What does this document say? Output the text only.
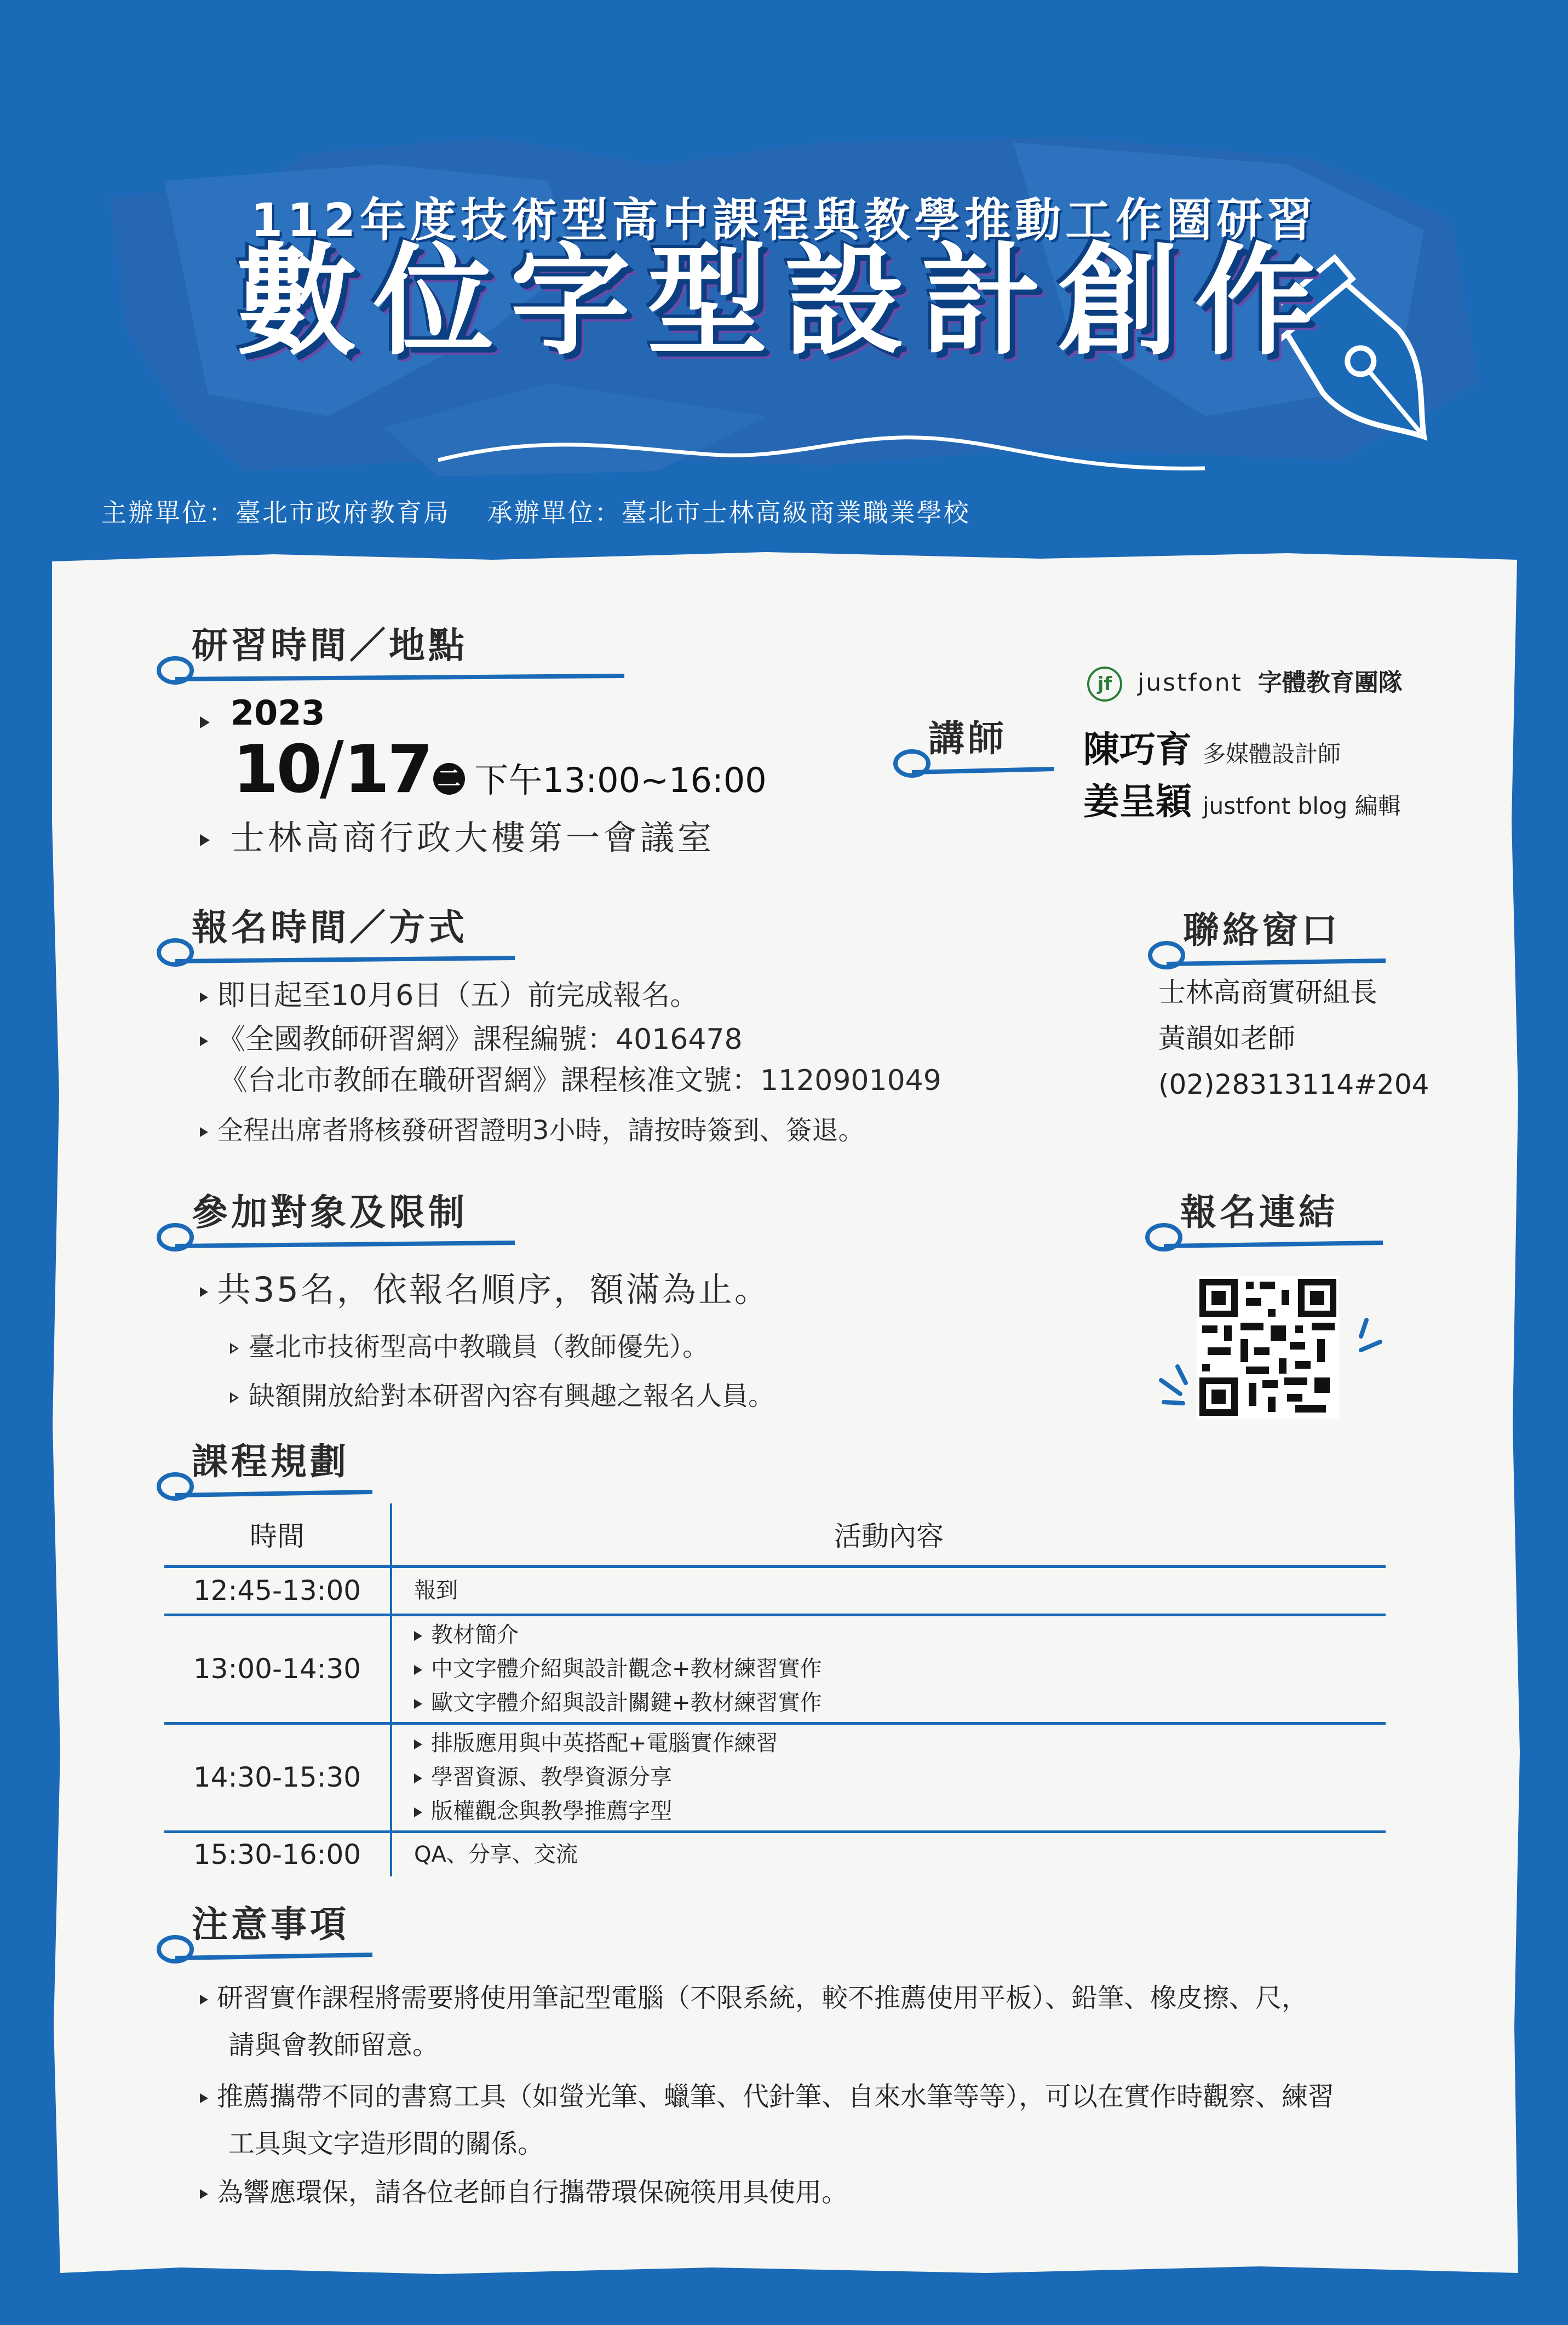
112年度技術型高中課程與教學推動工作圈研習
數位字型設計創作
主辦單位：臺北市政府教育局 承辦單位：臺北市士林高級商業職業學校
研習時間／地點
2023
10/17 二 下午13:00~16:00
士林高商行政大樓第一會議室
講師
jf justfont 字體教育團隊
陳巧育 多媒體設計師
姜呈穎 justfont blog 編輯
報名時間／方式
即日起至10月6日（五）前完成報名。
《全國教師研習網》課程編號：4016478
《台北市教師在職研習網》課程核准文號：1120901049
全程出席者將核發研習證明3小時，請按時簽到、簽退。
聯絡窗口
士林高商實研組長
黃韻如老師
(02)28313114#204
參加對象及限制
共35名，依報名順序，額滿為止。
臺北市技術型高中教職員（教師優先）。
缺額開放給對本研習內容有興趣之報名人員。
報名連結
課程規劃
時間	活動內容
12:45-13:00	報到

13:00-14:30	教材簡介
中文字體介紹與設計觀念+教材練習實作
歐文字體介紹與設計關鍵+教材練習實作

14:30-15:30	排版應用與中英搭配+電腦實作練習
學習資源、教學資源分享
版權觀念與教學推薦字型

15:30-16:00	QA、分享、交流
注意事項
研習實作課程將需要將使用筆記型電腦（不限系統，較不推薦使用平板）、鉛筆、橡皮擦、尺，
請與會教師留意。
推薦攜帶不同的書寫工具（如螢光筆、蠟筆、代針筆、自來水筆等等），可以在實作時觀察、練習
工具與文字造形間的關係。
為響應環保，請各位老師自行攜帶環保碗筷用具使用。
